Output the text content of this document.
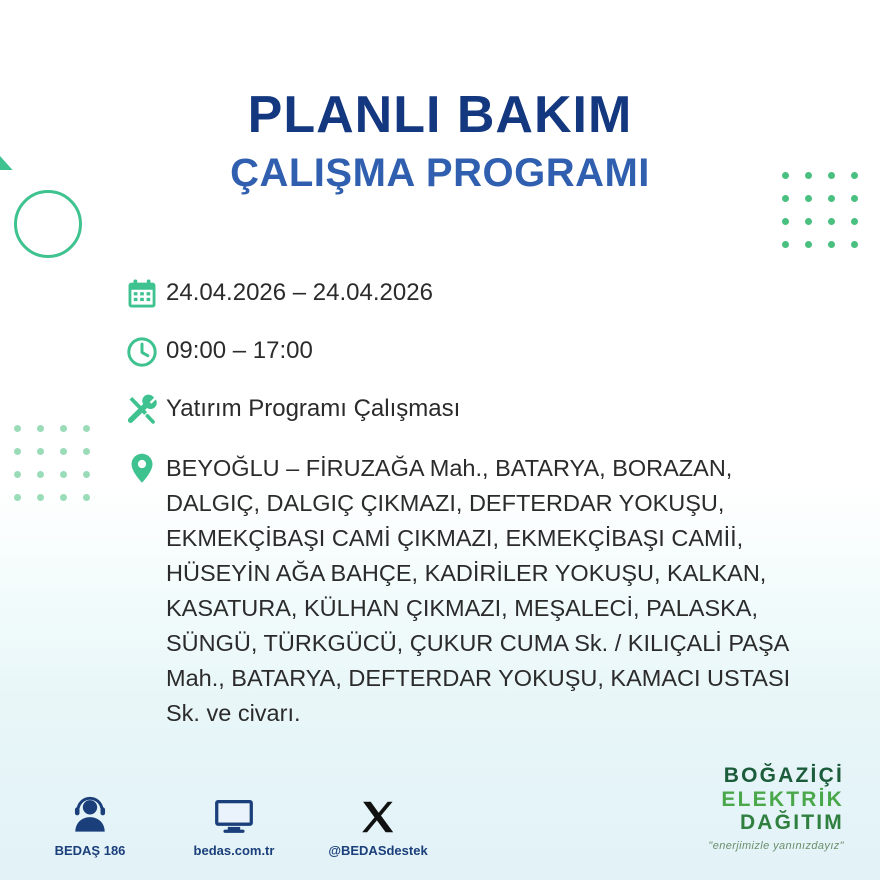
PLANLI BAKIM
ÇALIŞMA PROGRAMI
24.04.2026 – 24.04.2026
09:00 – 17:00
Yatırım Programı Çalışması
BEYOĞLU – FİRUZAĞA Mah., BATARYA, BORAZAN, DALGIÇ, DALGIÇ ÇIKMAZI, DEFTERDAR YOKUŞU, EKMEKÇİBAŞI CAMİ ÇIKMAZI, EKMEKÇİBAŞI CAMİİ, HÜSEYİN AĞA BAHÇE, KADİRİLER YOKUŞU, KALKAN, KASATURA, KÜLHAN ÇIKMAZI, MEŞALECİ, PALASKA, SÜNGÜ, TÜRKGÜCÜ, ÇUKUR CUMA Sk. / KILIÇALİ PAŞA Mah., BATARYA, DEFTERDAR YOKUŞU, KAMACI USTASI Sk. ve civarı.
BEDAŞ 186	bedas.com.tr	@BEDASdestek
BOĞAZİÇİ
ELEKTRİK
DAĞITIM
"enerjimizle yanınızdayız"
